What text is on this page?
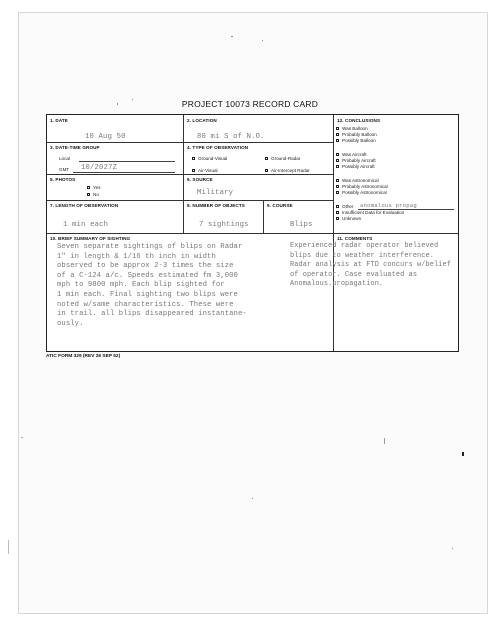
PROJECT 10073 RECORD CARD
1. DATE
10 Aug 50
2. LOCATION
80 mi S of N.O.
3. DATE-TIME GROUP
Local
GMT 10/2027Z
4. TYPE OF OBSERVATION
Ground-Visual	Ground-Radar
Air-Visual	Air-Intercept Radar
5. PHOTOS
Yes
No
6. SOURCE
Military
7. LENGTH OF OBSERVATION
1 min each
8. NUMBER OF OBJECTS
7 sightings
9. COURSE
Blips
10. BRIEF SUMMARY OF SIGHTING
Seven separate sightings of blips on Radar
1" in length & 1/16 th inch in width
observed to be approx 2-3 times the size
of a C-124 a/c. Speeds estimated fm 3,000
mph to 9800 mph. Each blip sighted for
1 min each. Final sighting two blips were
noted w/same characteristics. These were
in trail. all blips disappeared instantane-
ously.
11. COMMENTS
12. CONCLUSIONS
Experienced radar operator believed
blips due to weather interference.
Radar analysis at FTD concurs w/belief
of operator. Case evaluated as
Anomalous.propagation.
Was Balloon
Probably Balloon
Possibly Balloon
Was Aircraft
Probably Aircraft
Possibly Aircraft
Was Astronomical
Probably Astronomical
Possibly Astronomical
Other anomalous propag
Insufficient Data for Evaluation
Unknown
ATIC FORM 329 (REV 26 SEP 52)
